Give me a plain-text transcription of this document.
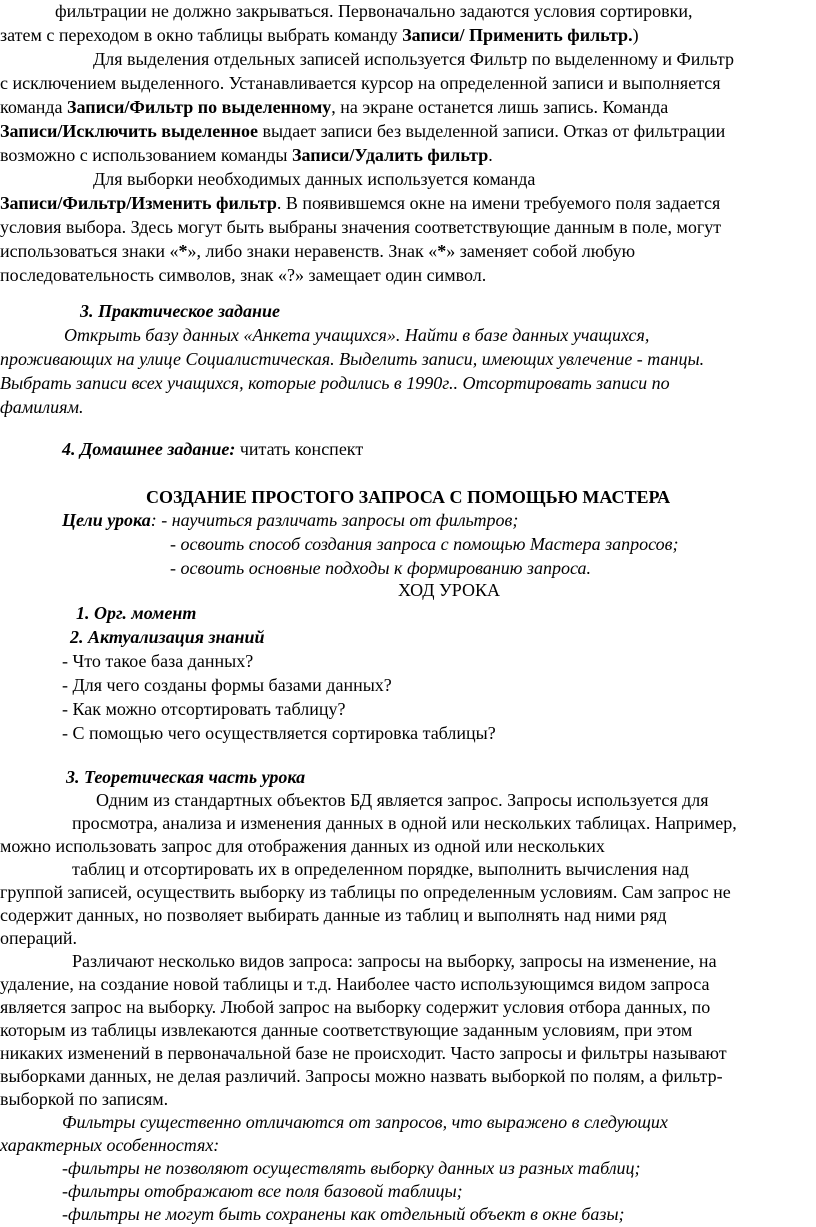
фильтрации не должно закрываться. Первоначально задаются условия сортировки,
затем с переходом в окно таблицы выбрать команду Записи/ Применить фильтр.)
Для выделения отдельных записей используется Фильтр по выделенному и Фильтр
с исключением выделенного. Устанавливается курсор на определенной записи и выполняется
команда Записи/Фильтр по выделенному, на экране останется лишь запись. Команда
Записи/Исключить выделенное выдает записи без выделенной записи. Отказ от фильтрации
возможно с использованием команды Записи/Удалить фильтр.
Для выборки необходимых данных используется команда
Записи/Фильтр/Изменить фильтр. В появившемся окне на имени требуемого поля задается
условия выбора. Здесь могут быть выбраны значения соответствующие данным в поле, могут
использоваться знаки «*», либо знаки неравенств. Знак «*» заменяет собой любую
последовательность символов, знак «?» замещает один символ.
3. Практическое задание
Открыть базу данных «Анкета учащихся». Найти в базе данных учащихся,
проживающих на улице Социалистическая. Выделить записи, имеющих увлечение - танцы.
Выбрать записи всех учащихся, которые родились в 1990г.. Отсортировать записи по
фамилиям.
4. Домашнее задание: читать конспект
СОЗДАНИЕ ПРОСТОГО ЗАПРОСА С ПОМОЩЬЮ МАСТЕРА
Цели урока: - научиться различать запросы от фильтров;
- освоить способ создания запроса с помощью Мастера запросов;
- освоить основные подходы к формированию запроса.
ХОД УРОКА
1. Орг. момент
2. Актуализация знаний
- Что такое база данных?
- Для чего созданы формы базами данных?
- Как можно отсортировать таблицу?
- С помощью чего осуществляется сортировка таблицы?
3. Теоретическая часть урока
Одним из стандартных объектов БД является запрос. Запросы используется для
просмотра, анализа и изменения данных в одной или нескольких таблицах. Например,
можно использовать запрос для отображения данных из одной или нескольких
таблиц и отсортировать их в определенном порядке, выполнить вычисления над
группой записей, осуществить выборку из таблицы по определенным условиям. Сам запрос не
содержит данных, но позволяет выбирать данные из таблиц и выполнять над ними ряд
операций.
Различают несколько видов запроса: запросы на выборку, запросы на изменение, на
удаление, на создание новой таблицы и т.д. Наиболее часто использующимся видом запроса
является запрос на выборку. Любой запрос на выборку содержит условия отбора данных, по
которым из таблицы извлекаются данные соответствующие заданным условиям, при этом
никаких изменений в первоначальной базе не происходит. Часто запросы и фильтры называют
выборками данных, не делая различий. Запросы можно назвать выборкой по полям, а фильтр-
выборкой по записям.
Фильтры существенно отличаются от запросов, что выражено в следующих
характерных особенностях:
-фильтры не позволяют осуществлять выборку данных из разных таблиц;
-фильтры отображают все поля базовой таблицы;
-фильтры не могут быть сохранены как отдельный объект в окне базы;
